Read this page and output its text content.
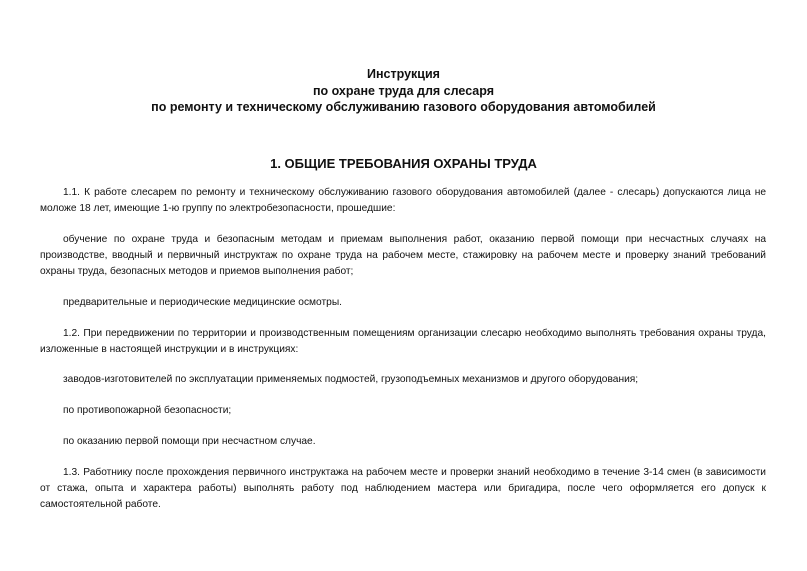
Инструкция
по охране труда для слесаря
по ремонту и техническому обслуживанию газового оборудования автомобилей
1. ОБЩИЕ ТРЕБОВАНИЯ ОХРАНЫ ТРУДА

1.1. К работе слесарем по ремонту и техническому обслуживанию газового оборудования автомобилей (далее - слесарь) допускаются лица не моложе 18 лет, имеющие 1-ю группу по электробезопасности, прошедшие:

обучение по охране труда и безопасным методам и приемам выполнения работ, оказанию первой помощи при несчастных случаях на производстве, вводный и первичный инструктаж по охране труда на рабочем месте, стажировку на рабочем месте и проверку знаний требований охраны труда, безопасных методов и приемов выполнения работ;

предварительные и периодические медицинские осмотры.

1.2. При передвижении по территории и производственным помещениям организации слесарю необходимо выполнять требования охраны труда, изложенные в настоящей инструкции и в инструкциях:

заводов-изготовителей по эксплуатации применяемых подмостей, грузоподъемных механизмов и другого оборудования;

по противопожарной безопасности;

по оказанию первой помощи при несчастном случае.

1.3. Работнику после прохождения первичного инструктажа на рабочем месте и проверки знаний необходимо в течение 3-14 смен (в зависимости от стажа, опыта и характера работы) выполнять работу под наблюдением мастера или бригадира, после чего оформляется его допуск к самостоятельной работе.
